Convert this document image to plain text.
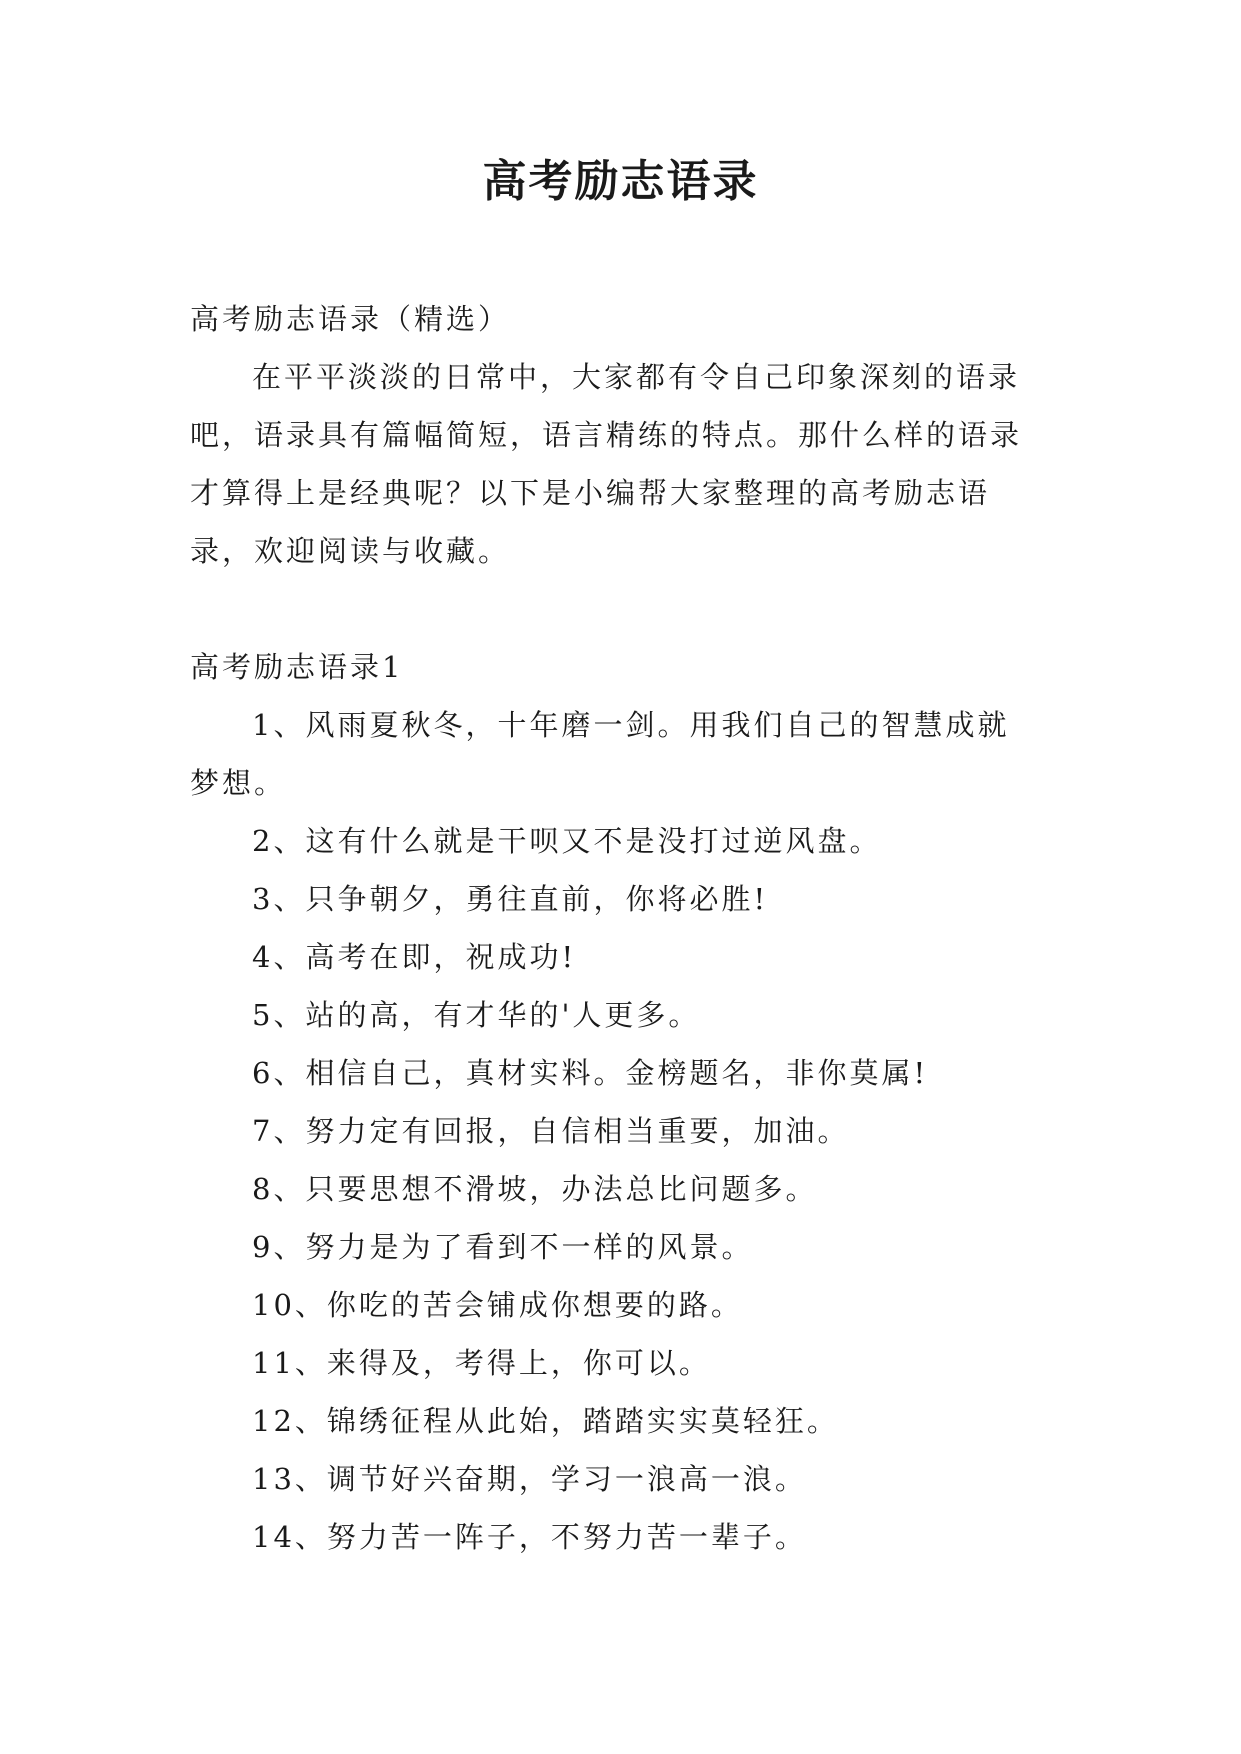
高考励志语录
高考励志语录（精选）
在平平淡淡的日常中，大家都有令自己印象深刻的语录
吧，语录具有篇幅简短，语言精练的特点。那什么样的语录
才算得上是经典呢？以下是小编帮大家整理的高考励志语
录，欢迎阅读与收藏。
高考励志语录1
1、风雨夏秋冬，十年磨一剑。用我们自己的智慧成就
梦想。
2、这有什么就是干呗又不是没打过逆风盘。
3、只争朝夕，勇往直前，你将必胜!
4、高考在即，祝成功!
5、站的高，有才华的'人更多。
6、相信自己，真材实料。金榜题名，非你莫属!
7、努力定有回报，自信相当重要，加油。
8、只要思想不滑坡，办法总比问题多。
9、努力是为了看到不一样的风景。
10、你吃的苦会铺成你想要的路。
11、来得及，考得上，你可以。
12、锦绣征程从此始，踏踏实实莫轻狂。
13、调节好兴奋期，学习一浪高一浪。
14、努力苦一阵子，不努力苦一辈子。
